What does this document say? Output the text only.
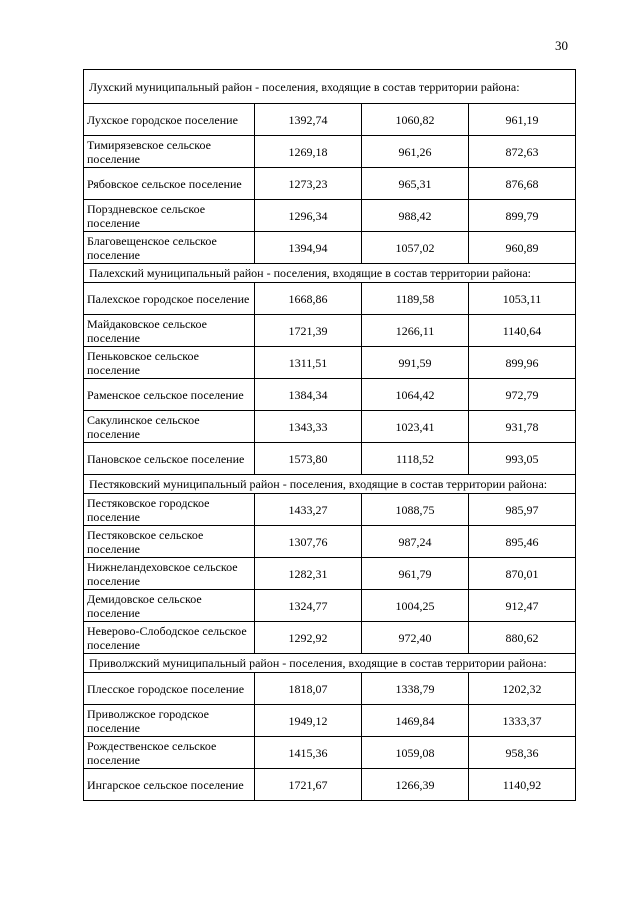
30
Лухский муниципальный район - поселения, входящие в состав территории района:			
Лухское городское поселение	1392,74	1060,82	961,19
Тимирязевское сельское поселение	1269,18	961,26	872,63
Рябовское сельское поселение	1273,23	965,31	876,68
Порздневское сельское поселение	1296,34	988,42	899,79
Благовещенское сельское поселение	1394,94	1057,02	960,89
Палехский муниципальный район - поселения, входящие в состав территории района:			
Палехское городское поселение	1668,86	1189,58	1053,11
Майдаковское сельское поселение	1721,39	1266,11	1140,64
Пеньковское сельское поселение	1311,51	991,59	899,96
Раменское сельское поселение	1384,34	1064,42	972,79
Сакулинское сельское поселение	1343,33	1023,41	931,78
Пановское сельское поселение	1573,80	1118,52	993,05
Пестяковский муниципальный район - поселения, входящие в состав территории района:			
Пестяковское городское поселение	1433,27	1088,75	985,97
Пестяковское сельское поселение	1307,76	987,24	895,46
Нижнеландеховское сельское поселение	1282,31	961,79	870,01
Демидовское сельское поселение	1324,77	1004,25	912,47
Неверово-Слободское сельское поселение	1292,92	972,40	880,62
Приволжский муниципальный район - поселения, входящие в состав территории района:			
Плесское городское поселение	1818,07	1338,79	1202,32
Приволжское городское поселение	1949,12	1469,84	1333,37
Рождественское сельское поселение	1415,36	1059,08	958,36
Ингарское сельское поселение	1721,67	1266,39	1140,92
